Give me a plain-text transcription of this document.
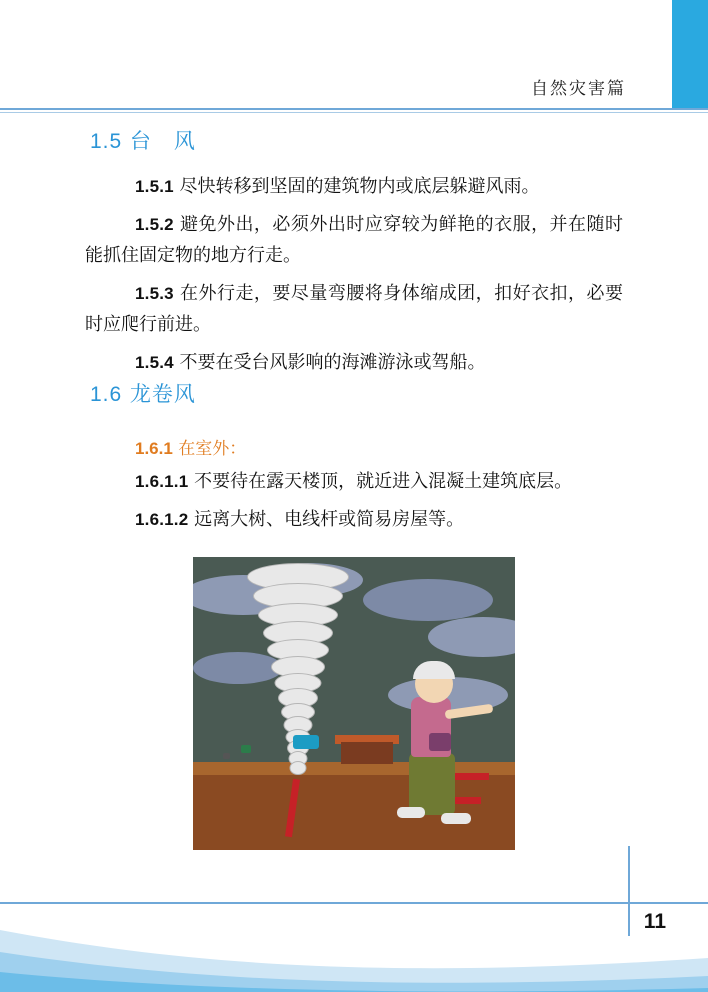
自然灾害篇
1.5 台　风

1.5.1 尽快转移到坚固的建筑物内或底层躲避风雨。

1.5.2 避免外出，必须外出时应穿较为鲜艳的衣服，并在随时能抓住固定物的地方行走。

1.5.3 在外行走，要尽量弯腰将身体缩成团，扣好衣扣，必要时应爬行前进。

1.5.4 不要在受台风影响的海滩游泳或驾船。

1.6 龙卷风
1.6.1 在室外：

1.6.1.1 不要待在露天楼顶，就近进入混凝土建筑底层。

1.6.1.2 远离大树、电线杆或简易房屋等。

11
